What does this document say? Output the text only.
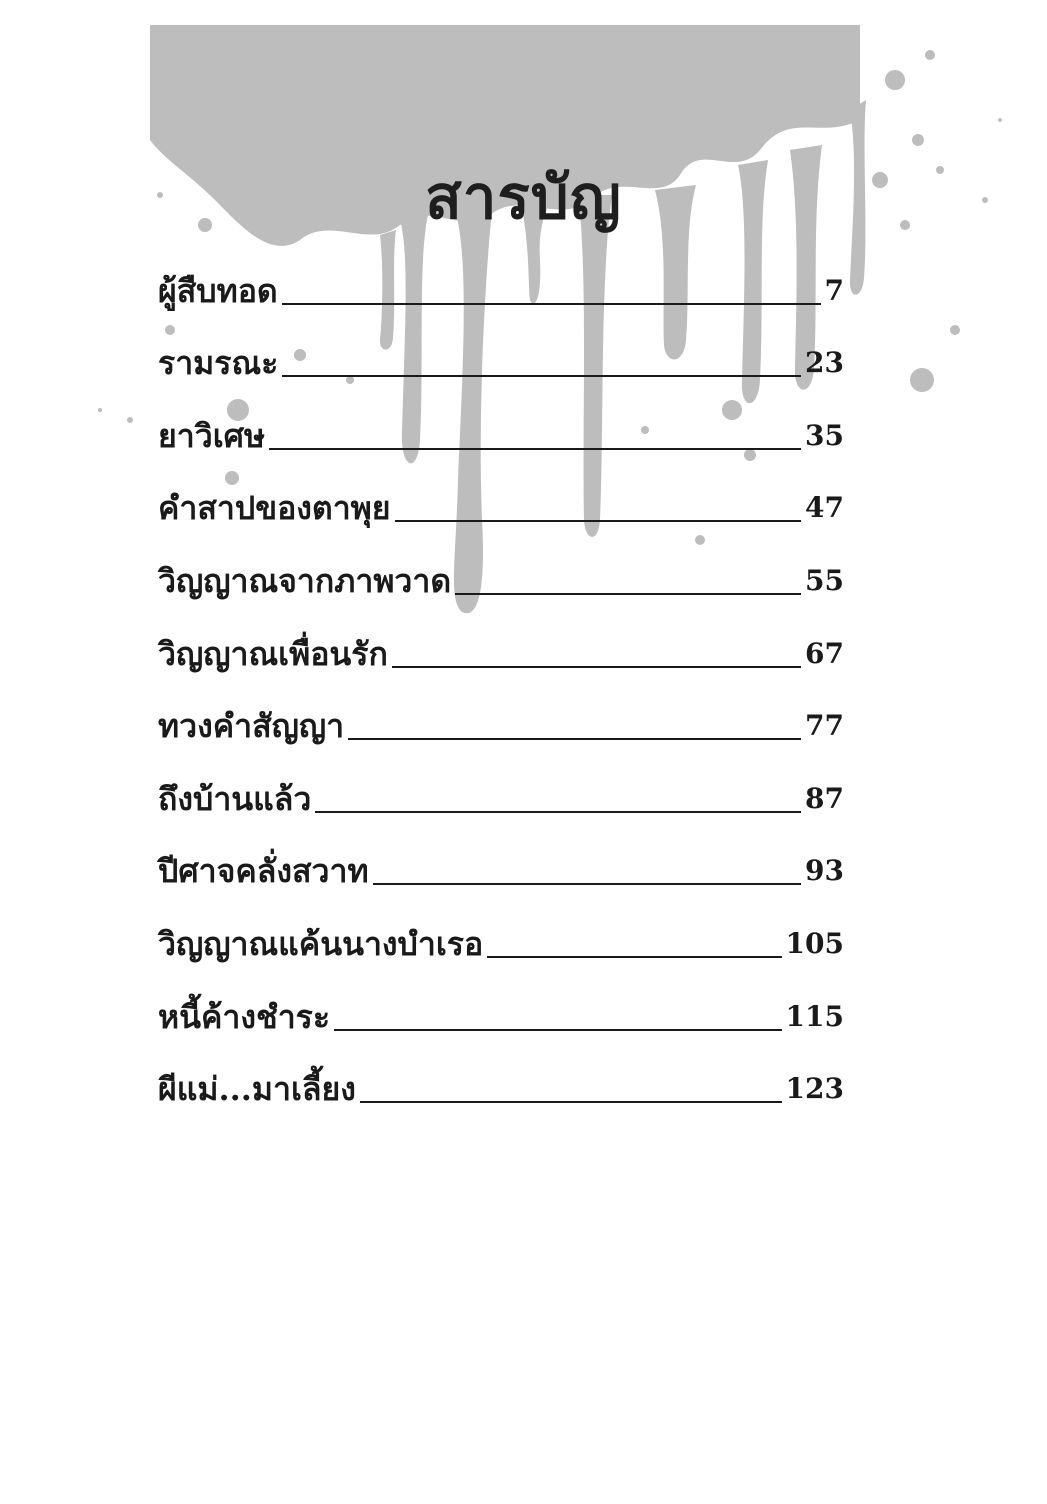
สารบัญ
ผู้สืบทอด	7
รามรณะ	23
ยาวิเศษ	35
คำสาปของตาพุย	47
วิญญาณจากภาพวาด	55
วิญญาณเพื่อนรัก	67
ทวงคำสัญญา	77
ถึงบ้านแล้ว	87
ปีศาจคลั่งสวาท	93
วิญญาณแค้นนางบำเรอ	105
หนี้ค้างชำระ	115
ผีแม่...มาเลี้ยง	123
